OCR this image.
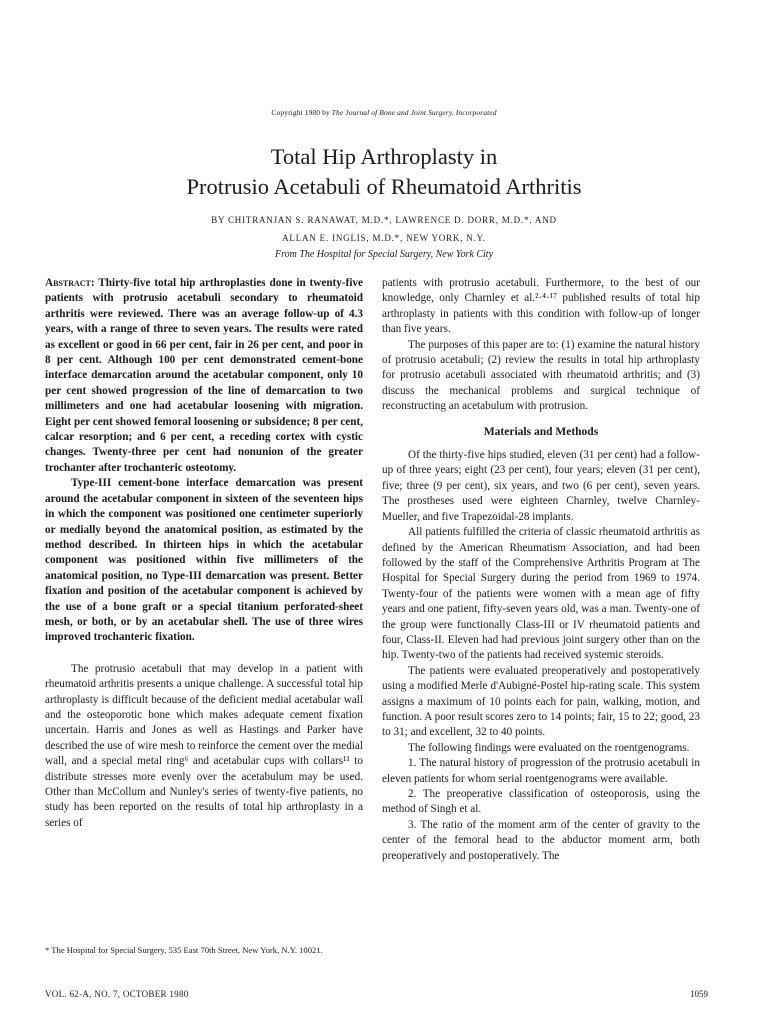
Copyright 1980 by The Journal of Bone and Joint Surgery, Incorporated
Total Hip Arthroplasty in
Protrusio Acetabuli of Rheumatoid Arthritis
BY CHITRANJAN S. RANAWAT, M.D.*, LAWRENCE D. DORR, M.D.*, AND
ALLAN E. INGLIS, M.D.*, NEW YORK, N.Y.
From The Hospital for Special Surgery, New York City

Abstract: Thirty-five total hip arthroplasties done in twenty-five patients with protrusio acetabuli secondary to rheumatoid arthritis were reviewed. There was an average follow-up of 4.3 years, with a range of three to seven years. The results were rated as excellent or good in 66 per cent, fair in 26 per cent, and poor in 8 per cent. Although 100 per cent demonstrated cement-bone interface demarcation around the acetabular component, only 10 per cent showed progression of the line of demarcation to two millimeters and one had acetabular loosening with migration. Eight per cent showed femoral loosening or subsidence; 8 per cent, calcar resorption; and 6 per cent, a receding cortex with cystic changes. Twenty-three per cent had nonunion of the greater trochanter after trochanteric osteotomy.

Type-III cement-bone interface demarcation was present around the acetabular component in sixteen of the seventeen hips in which the component was positioned one centimeter superiorly or medially beyond the anatomical position, as estimated by the method described. In thirteen hips in which the acetabular component was positioned within five millimeters of the anatomical position, no Type-III demarcation was present. Better fixation and position of the acetabular component is achieved by the use of a bone graft or a special titanium perforated-sheet mesh, or both, or by an acetabular shell. The use of three wires improved trochanteric fixation.

The protrusio acetabuli that may develop in a patient with rheumatoid arthritis presents a unique challenge. A successful total hip arthroplasty is difficult because of the deficient medial acetabular wall and the osteoporotic bone which makes adequate cement fixation uncertain. Harris and Jones as well as Hastings and Parker have described the use of wire mesh to reinforce the cement over the medial wall, and a special metal ring⁶ and acetabular cups with collars¹¹ to distribute stresses more evenly over the acetabulum may be used. Other than McCollum and Nunley's series of twenty-five patients, no study has been reported on the results of total hip arthroplasty in a series of

patients with protrusio acetabuli. Furthermore, to the best of our knowledge, only Charnley et al.²·⁴·¹⁷ published results of total hip arthroplasty in patients with this condition with follow-up of longer than five years.

The purposes of this paper are to: (1) examine the natural history of protrusio acetabuli; (2) review the results in total hip arthroplasty for protrusio acetabuli associated with rheumatoid arthritis; and (3) discuss the mechanical problems and surgical technique of reconstructing an acetabulum with protrusion.

Materials and Methods

Of the thirty-five hips studied, eleven (31 per cent) had a follow-up of three years; eight (23 per cent), four years; eleven (31 per cent), five; three (9 per cent), six years, and two (6 per cent), seven years. The prostheses used were eighteen Charnley, twelve Charnley-Mueller, and five Trapezoidal-28 implants.

All patients fulfilled the criteria of classic rheumatoid arthritis as defined by the American Rheumatism Association, and had been followed by the staff of the Comprehensive Arthritis Program at The Hospital for Special Surgery during the period from 1969 to 1974. Twenty-four of the patients were women with a mean age of fifty years and one patient, fifty-seven years old, was a man. Twenty-one of the group were functionally Class-III or IV rheumatoid patients and four, Class-II. Eleven had had previous joint surgery other than on the hip. Twenty-two of the patients had received systemic steroids.

The patients were evaluated preoperatively and postoperatively using a modified Merle d'Aubigné-Postel hip-rating scale. This system assigns a maximum of 10 points each for pain, walking, motion, and function. A poor result scores zero to 14 points; fair, 15 to 22; good, 23 to 31; and excellent, 32 to 40 points.

The following findings were evaluated on the roentgenograms.

1. The natural history of progression of the protrusio acetabuli in eleven patients for whom serial roentgenograms were available.

2. The preoperative classification of osteoporosis, using the method of Singh et al.

3. The ratio of the moment arm of the center of gravity to the center of the femoral head to the abductor moment arm, both preoperatively and postoperatively. The

* The Hospital for Special Surgery, 535 East 70th Street, New York, N.Y. 10021.
VOL. 62-A, NO. 7, OCTOBER 1980	1059
